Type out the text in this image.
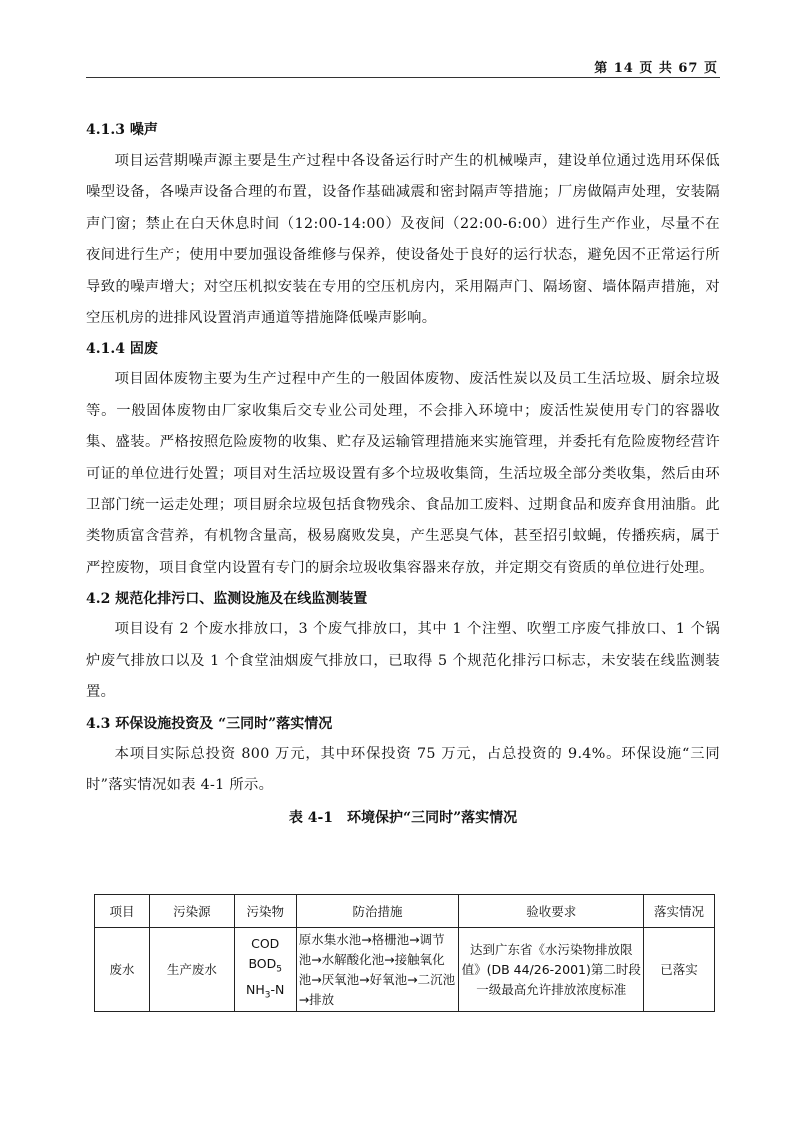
第 14 页 共 67 页
4.1.3 噪声

项目运营期噪声源主要是生产过程中各设备运行时产生的机械噪声，建设单位通过选用环保低噪型设备，各噪声设备合理的布置，设备作基础减震和密封隔声等措施；厂房做隔声处理，安装隔声门窗；禁止在白天休息时间（12:00-14:00）及夜间（22:00-6:00）进行生产作业，尽量不在夜间进行生产；使用中要加强设备维修与保养，使设备处于良好的运行状态，避免因不正常运行所导致的噪声增大；对空压机拟安装在专用的空压机房内，采用隔声门、隔场窗、墙体隔声措施，对空压机房的进排风设置消声通道等措施降低噪声影响。

4.1.4 固废

项目固体废物主要为生产过程中产生的一般固体废物、废活性炭以及员工生活垃圾、厨余垃圾等。一般固体废物由厂家收集后交专业公司处理，不会排入环境中；废活性炭使用专门的容器收集、盛装。严格按照危险废物的收集、贮存及运输管理措施来实施管理，并委托有危险废物经营许可证的单位进行处置；项目对生活垃圾设置有多个垃圾收集筒，生活垃圾全部分类收集，然后由环卫部门统一运走处理；项目厨余垃圾包括食物残余、食品加工废料、过期食品和废弃食用油脂。此类物质富含营养，有机物含量高，极易腐败发臭，产生恶臭气体，甚至招引蚊蝇，传播疾病，属于严控废物，项目食堂内设置有专门的厨余垃圾收集容器来存放，并定期交有资质的单位进行处理。

4.2 规范化排污口、监测设施及在线监测装置

项目设有 2 个废水排放口，3 个废气排放口，其中 1 个注塑、吹塑工序废气排放口、1 个锅炉废气排放口以及 1 个食堂油烟废气排放口，已取得 5 个规范化排污口标志，未安装在线监测装置。

4.3 环保设施投资及 “三同时”落实情况

本项目实际总投资 800 万元，其中环保投资 75 万元，占总投资的 9.4%。环保设施“三同时”落实情况如表 4-1 所示。

表 4-1　环境保护“三同时”落实情况
项目	污染源	污染物	防治措施	验收要求	落实情况
废水	生产废水	COD
$BOD_5$
$NH_3-N$	原水集水池→格栅池→调节池→水解酸化池→接触氧化池→厌氧池→好氧池→二沉池→排放	达到广东省《水污染物排放限值》(DB 44/26-2001)第二时段一级最高允许排放浓度标准	已落实
